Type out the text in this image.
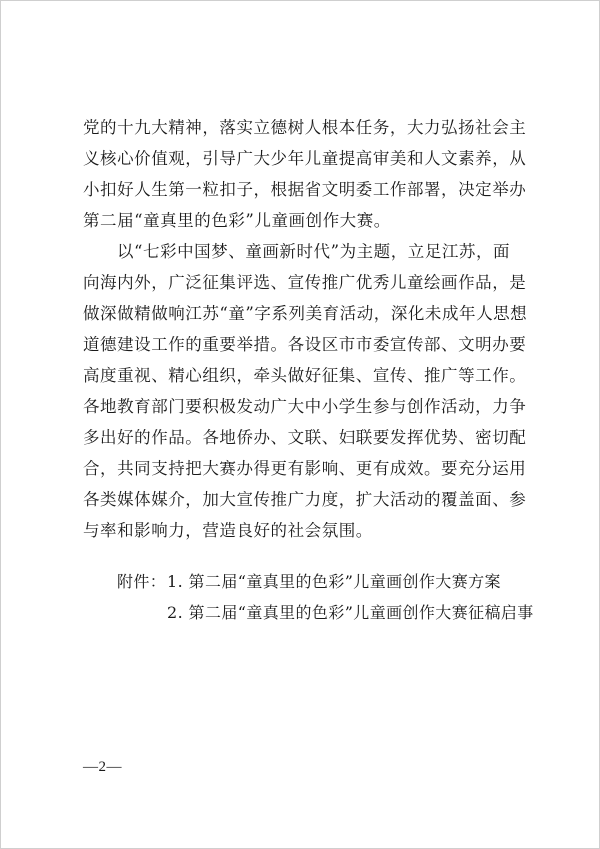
党的十九大精神，落实立德树人根本任务，大力弘扬社会主
义核心价值观，引导广大少年儿童提高审美和人文素养，从
小扣好人生第一粒扣子，根据省文明委工作部署，决定举办
第二届“童真里的色彩”儿童画创作大赛。
以“七彩中国梦、童画新时代”为主题，立足江苏，面
向海内外，广泛征集评选、宣传推广优秀儿童绘画作品，是
做深做精做响江苏“童”字系列美育活动，深化未成年人思想
道德建设工作的重要举措。各设区市市委宣传部、文明办要
高度重视、精心组织，牵头做好征集、宣传、推广等工作。
各地教育部门要积极发动广大中小学生参与创作活动，力争
多出好的作品。各地侨办、文联、妇联要发挥优势、密切配
合，共同支持把大赛办得更有影响、更有成效。要充分运用
各类媒体媒介，加大宣传推广力度，扩大活动的覆盖面、参
与率和影响力，营造良好的社会氛围。
附件： 1. 第二届“童真里的色彩”儿童画创作大赛方案
2. 第二届“童真里的色彩”儿童画创作大赛征稿启事
—2—
